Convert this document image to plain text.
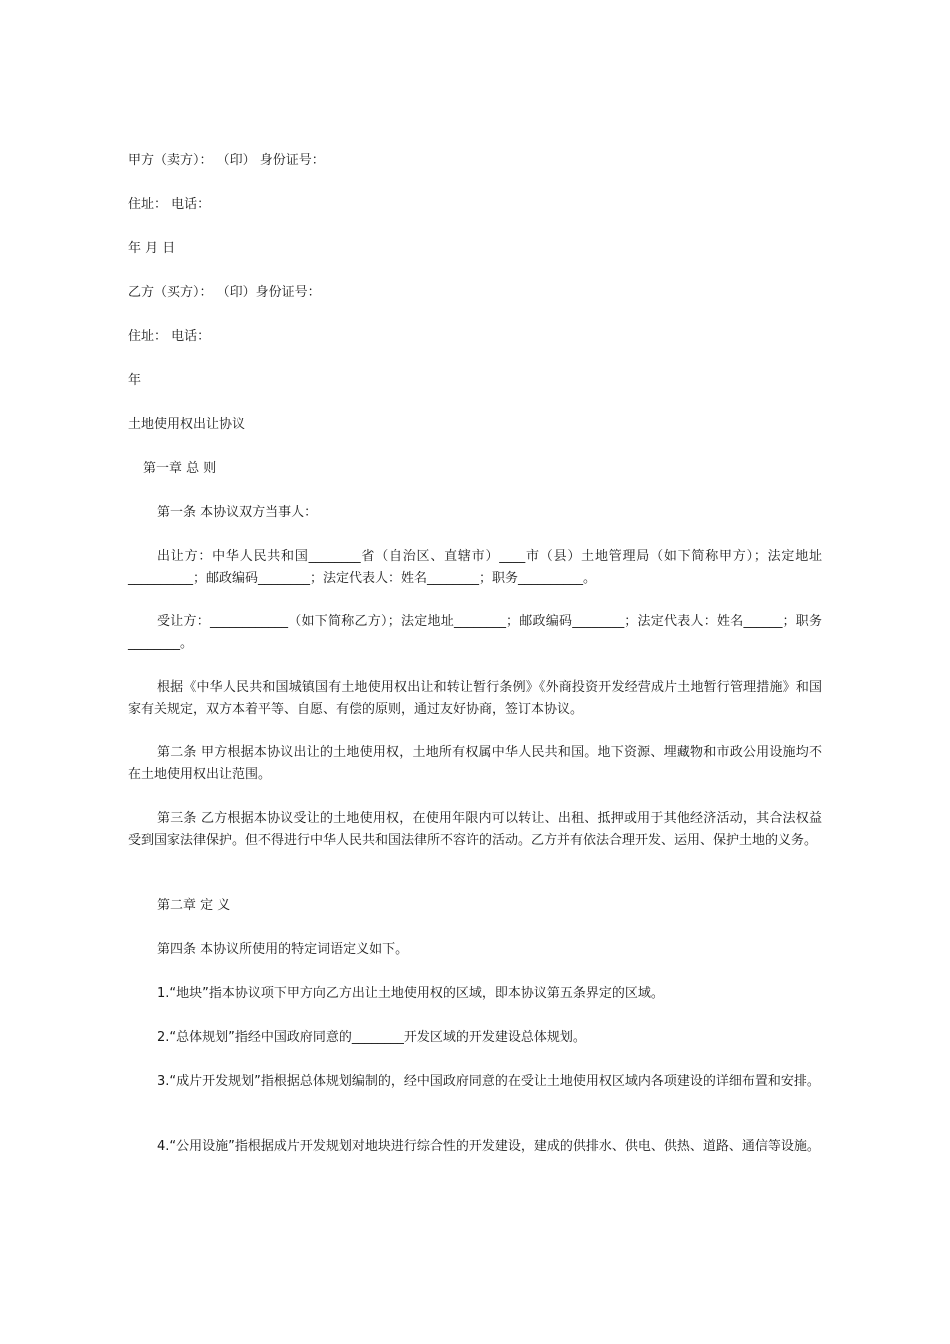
甲方（卖方）： （印） 身份证号：
住址： 电话：
年 月 日
乙方（买方）： （印）身份证号：
住址： 电话：
年
土地使用权出让协议
第一章 总 则
第一条 本协议双方当事人：
出让方：中华人民共和国________省（自治区、直辖市）____市（县）土地管理局（如下简称甲方）；法定地址__________；邮政编码________；法定代表人：姓名________；职务__________。
受让方：____________（如下简称乙方）；法定地址________；邮政编码________；法定代表人：姓名______；职务________。
根据《中华人民共和国城镇国有土地使用权出让和转让暂行条例》《外商投资开发经营成片土地暂行管理措施》和国家有关规定，双方本着平等、自愿、有偿的原则，通过友好协商，签订本协议。
第二条 甲方根据本协议出让的土地使用权，土地所有权属中华人民共和国。地下资源、埋藏物和市政公用设施均不在土地使用权出让范围。
第三条 乙方根据本协议受让的土地使用权，在使用年限内可以转让、出租、抵押或用于其他经济活动，其合法权益受到国家法律保护。但不得进行中华人民共和国法律所不容许的活动。乙方并有依法合理开发、运用、保护土地的义务。
第二章 定 义
第四条 本协议所使用的特定词语定义如下。
1.“地块”指本协议项下甲方向乙方出让土地使用权的区域，即本协议第五条界定的区域。
2.“总体规划”指经中国政府同意的________开发区域的开发建设总体规划。
3.“成片开发规划”指根据总体规划编制的，经中国政府同意的在受让土地使用权区域内各项建设的详细布置和安排。
4.“公用设施”指根据成片开发规划对地块进行综合性的开发建设，建成的供排水、供电、供热、道路、通信等设施。
